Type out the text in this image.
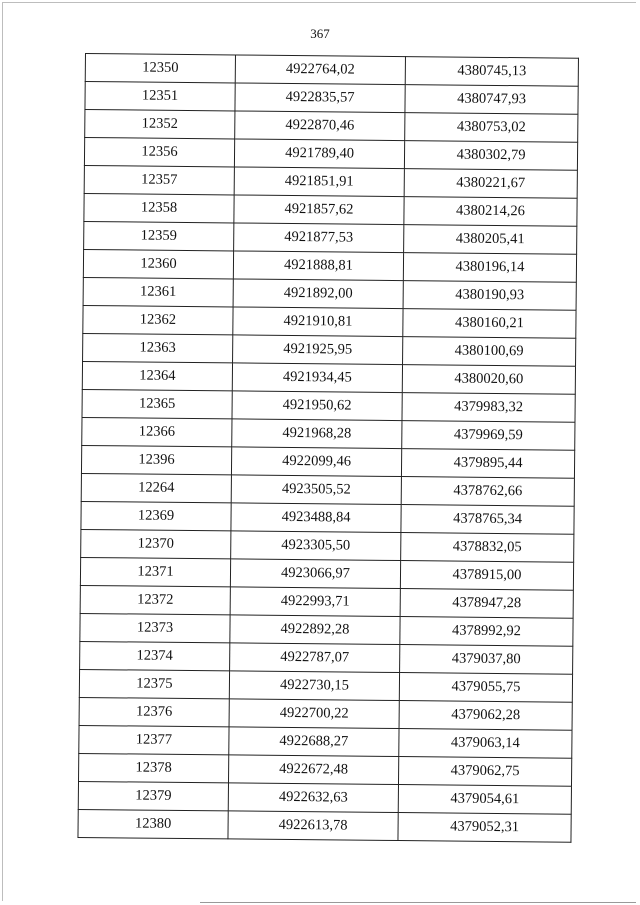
367
12350	4922764,02	4380745,13
12351	4922835,57	4380747,93
12352	4922870,46	4380753,02
12356	4921789,40	4380302,79
12357	4921851,91	4380221,67
12358	4921857,62	4380214,26
12359	4921877,53	4380205,41
12360	4921888,81	4380196,14
12361	4921892,00	4380190,93
12362	4921910,81	4380160,21
12363	4921925,95	4380100,69
12364	4921934,45	4380020,60
12365	4921950,62	4379983,32
12366	4921968,28	4379969,59
12396	4922099,46	4379895,44
12264	4923505,52	4378762,66
12369	4923488,84	4378765,34
12370	4923305,50	4378832,05
12371	4923066,97	4378915,00
12372	4922993,71	4378947,28
12373	4922892,28	4378992,92
12374	4922787,07	4379037,80
12375	4922730,15	4379055,75
12376	4922700,22	4379062,28
12377	4922688,27	4379063,14
12378	4922672,48	4379062,75
12379	4922632,63	4379054,61
12380	4922613,78	4379052,31
